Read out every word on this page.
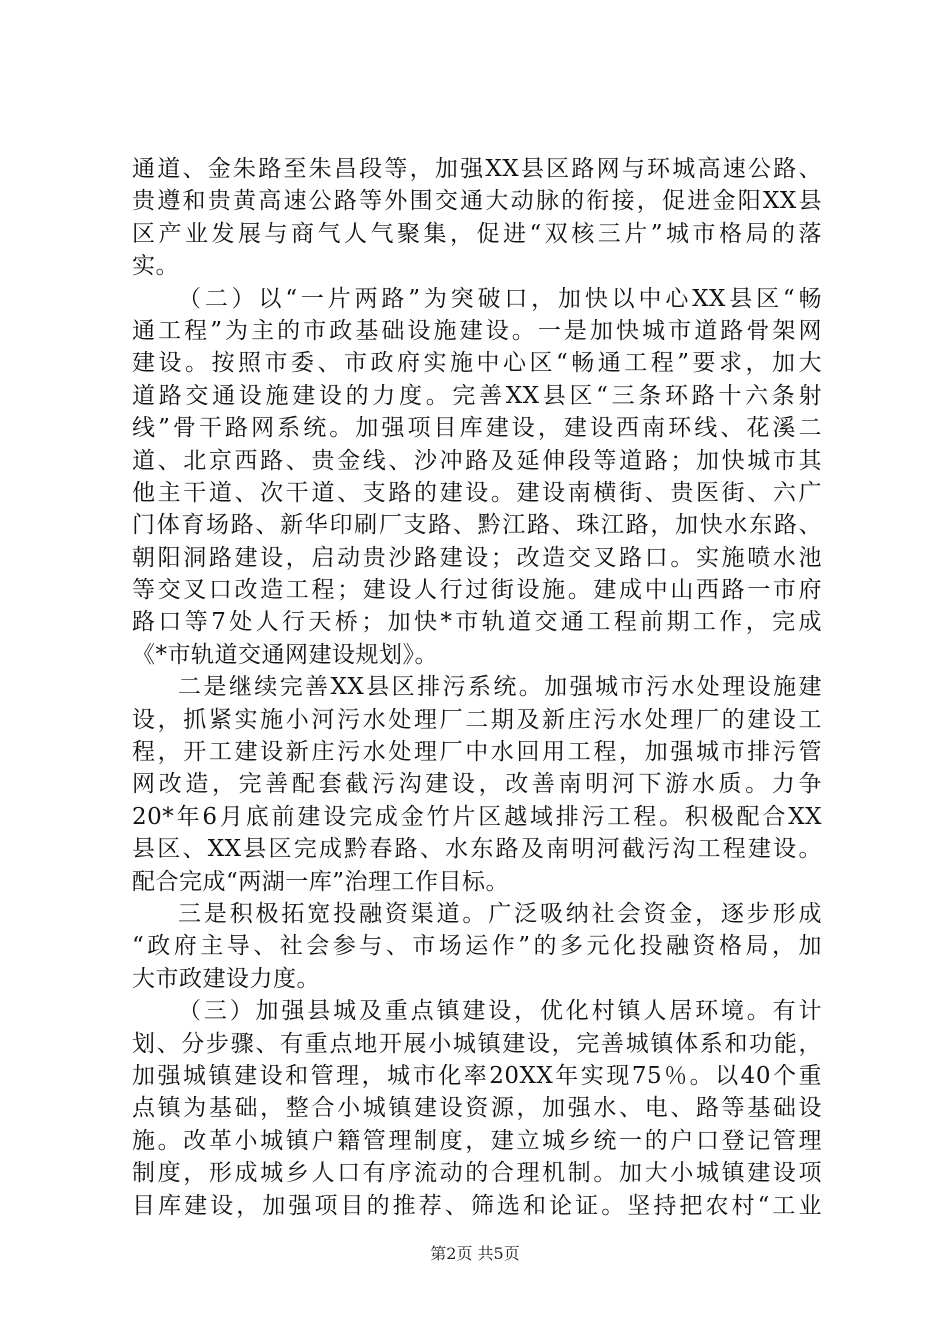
通道、金朱路至朱昌段等，加强XX县区路网与环城高速公路、
贵遵和贵黄高速公路等外围交通大动脉的衔接，促进金阳XX县
区产业发展与商气人气聚集，促进“双核三片”城市格局的落
实。
（二）以“一片两路”为突破口，加快以中心XX县区“畅
通工程”为主的市政基础设施建设。一是加快城市道路骨架网
建设。按照市委、市政府实施中心区“畅通工程”要求，加大
道路交通设施建设的力度。完善XX县区“三条环路十六条射
线”骨干路网系统。加强项目库建设，建设西南环线、花溪二
道、北京西路、贵金线、沙冲路及延伸段等道路；加快城市其
他主干道、次干道、支路的建设。建设南横街、贵医街、六广
门体育场路、新华印刷厂支路、黔江路、珠江路，加快水东路、
朝阳洞路建设，启动贵沙路建设；改造交叉路口。实施喷水池
等交叉口改造工程；建设人行过街设施。建成中山西路一市府
路口等7处人行天桥；加快*市轨道交通工程前期工作，完成
《*市轨道交通网建设规划》。
二是继续完善XX县区排污系统。加强城市污水处理设施建
设，抓紧实施小河污水处理厂二期及新庄污水处理厂的建设工
程，开工建设新庄污水处理厂中水回用工程，加强城市排污管
网改造，完善配套截污沟建设，改善南明河下游水质。力争
20*年6月底前建设完成金竹片区越域排污工程。积极配合XX
县区、XX县区完成黔春路、水东路及南明河截污沟工程建设。
配合完成“两湖一库”治理工作目标。
三是积极拓宽投融资渠道。广泛吸纳社会资金，逐步形成
“政府主导、社会参与、市场运作”的多元化投融资格局，加
大市政建设力度。
（三）加强县城及重点镇建设，优化村镇人居环境。有计
划、分步骤、有重点地开展小城镇建设，完善城镇体系和功能，
加强城镇建设和管理，城市化率20XX年实现75％。以40个重
点镇为基础，整合小城镇建设资源，加强水、电、路等基础设
施。改革小城镇户籍管理制度，建立城乡统一的户口登记管理
制度，形成城乡人口有序流动的合理机制。加大小城镇建设项
目库建设，加强项目的推荐、筛选和论证。坚持把农村“工业
第2页 共5页
